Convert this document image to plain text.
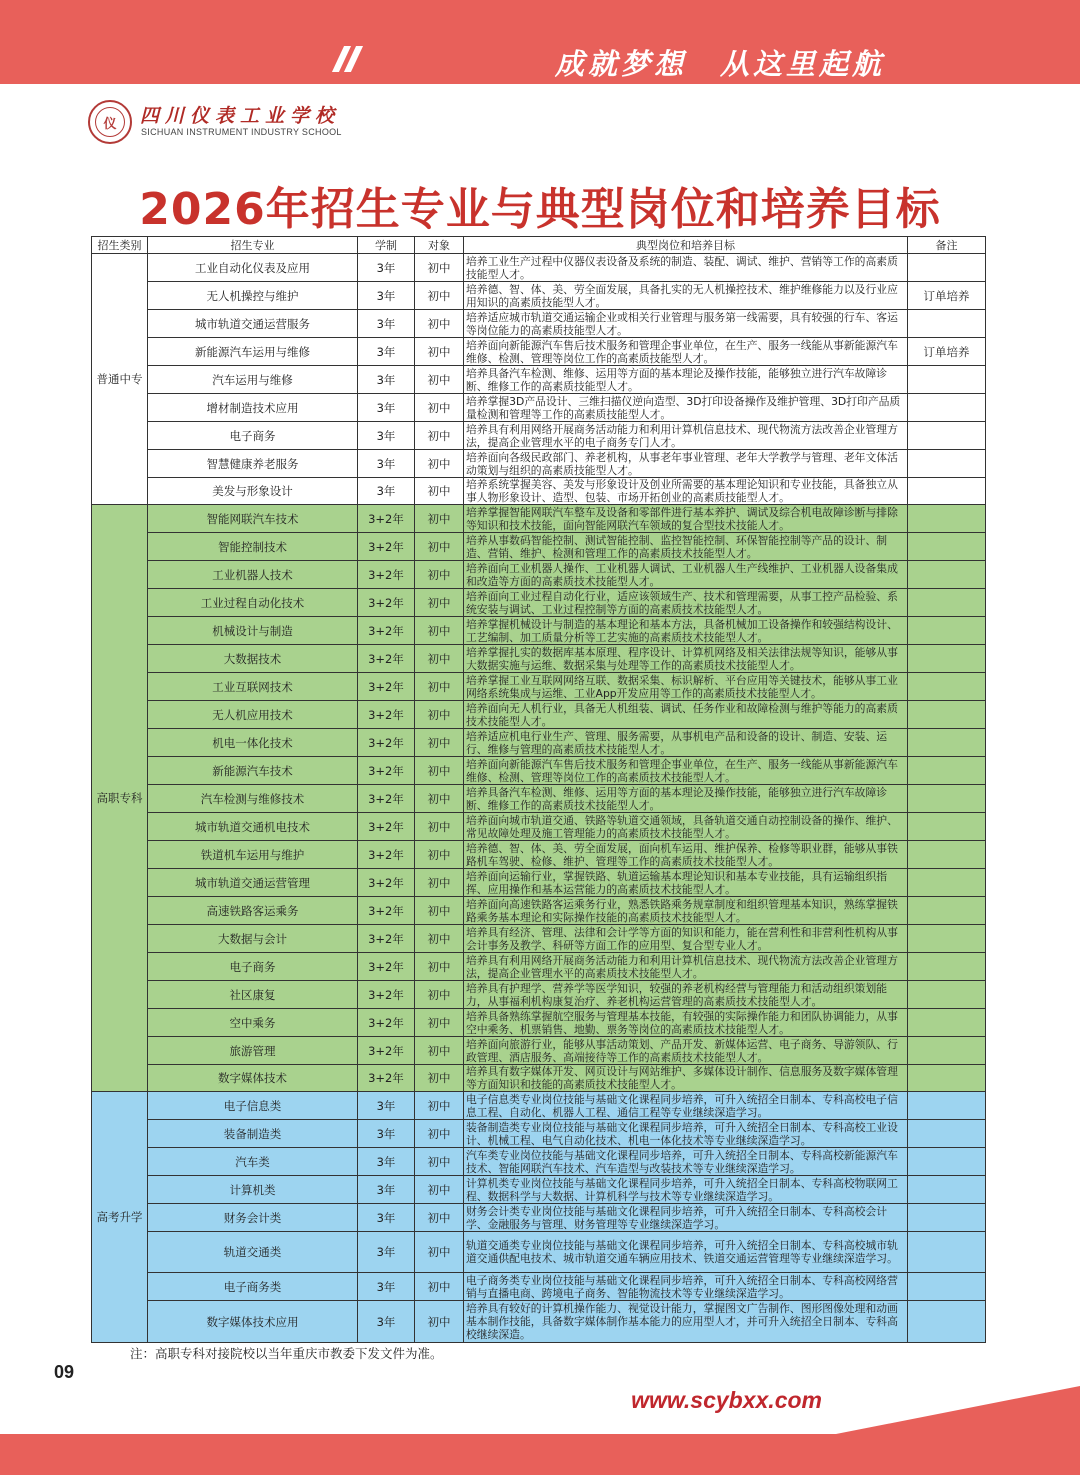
成就梦想　从这里起航
仪	四川仪表工业学校
SICHUAN INSTRUMENT INDUSTRY SCHOOL
2026年招生专业与典型岗位和培养目标
招生类别	招生专业	学制	对象	典型岗位和培养目标	备注
普通中专	工业自动化仪表及应用	3年	初中	培养工业生产过程中仪器仪表设备及系统的制造、装配、调试、维护、营销等工作的高素质技能型人才。	
	无人机操控与维护	3年	初中	培养德、智、体、美、劳全面发展，具备扎实的无人机操控技术、维护维修能力以及行业应用知识的高素质技能型人才。	订单培养
	城市轨道交通运营服务	3年	初中	培养适应城市轨道交通运输企业或相关行业管理与服务第一线需要，具有较强的行车、客运等岗位能力的高素质技能型人才。	
	新能源汽车运用与维修	3年	初中	培养面向新能源汽车售后技术服务和管理企事业单位，在生产、服务一线能从事新能源汽车维修、检测、管理等岗位工作的高素质技能型人才。	订单培养
	汽车运用与维修	3年	初中	培养具备汽车检测、维修、运用等方面的基本理论及操作技能，能够独立进行汽车故障诊断、维修工作的高素质技能型人才。	
	增材制造技术应用	3年	初中	培养掌握3D产品设计、三维扫描仪逆向造型、3D打印设备操作及维护管理、3D打印产品质量检测和管理等工作的高素质技能型人才。	
	电子商务	3年	初中	培养具有利用网络开展商务活动能力和利用计算机信息技术、现代物流方法改善企业管理方法，提高企业管理水平的电子商务专门人才。	
	智慧健康养老服务	3年	初中	培养面向各级民政部门、养老机构，从事老年事业管理、老年大学教学与管理、老年文体活动策划与组织的高素质技能型人才。	
	美发与形象设计	3年	初中	培养系统掌握美容、美发与形象设计及创业所需要的基本理论知识和专业技能，具备独立从事人物形象设计、造型、包装、市场开拓创业的高素质技能型人才。	
高职专科	智能网联汽车技术	3+2年	初中	培养掌握智能网联汽车整车及设备和零部件进行基本养护、调试及综合机电故障诊断与排除等知识和技术技能，面向智能网联汽车领域的复合型技术技能人才。	
	智能控制技术	3+2年	初中	培养从事数码智能控制、测试智能控制、监控智能控制、环保智能控制等产品的设计、制造、营销、维护、检测和管理工作的高素质技术技能型人才。	
	工业机器人技术	3+2年	初中	培养面向工业机器人操作、工业机器人调试、工业机器人生产线维护、工业机器人设备集成和改造等方面的高素质技术技能型人才。	
	工业过程自动化技术	3+2年	初中	培养面向工业过程自动化行业，适应该领域生产、技术和管理需要，从事工控产品检验、系统安装与调试、工业过程控制等方面的高素质技术技能型人才。	
	机械设计与制造	3+2年	初中	培养掌握机械设计与制造的基本理论和基本方法，具备机械加工设备操作和较强结构设计、工艺编制、加工质量分析等工艺实施的高素质技术技能型人才。	
	大数据技术	3+2年	初中	培养掌握扎实的数据库基本原理、程序设计、计算机网络及相关法律法规等知识，能够从事大数据实施与运维、数据采集与处理等工作的高素质技术技能型人才。	
	工业互联网技术	3+2年	初中	培养掌握工业互联网网络互联、数据采集、标识解析、平台应用等关键技术，能够从事工业网络系统集成与运维、工业App开发应用等工作的高素质技术技能型人才。	
	无人机应用技术	3+2年	初中	培养面向无人机行业，具备无人机组装、调试、任务作业和故障检测与维护等能力的高素质技术技能型人才。	
	机电一体化技术	3+2年	初中	培养适应机电行业生产、管理、服务需要，从事机电产品和设备的设计、制造、安装、运行、维修与管理的高素质技术技能型人才。	
	新能源汽车技术	3+2年	初中	培养面向新能源汽车售后技术服务和管理企事业单位，在生产、服务一线能从事新能源汽车维修、检测、管理等岗位工作的高素质技术技能型人才。	
	汽车检测与维修技术	3+2年	初中	培养具备汽车检测、维修、运用等方面的基本理论及操作技能，能够独立进行汽车故障诊断、维修工作的高素质技术技能型人才。	
	城市轨道交通机电技术	3+2年	初中	培养面向城市轨道交通、铁路等轨道交通领域，具备轨道交通自动控制设备的操作、维护、常见故障处理及施工管理能力的高素质技术技能型人才。	
	铁道机车运用与维护	3+2年	初中	培养德、智、体、美、劳全面发展，面向机车运用、维护保养、检修等职业群，能够从事铁路机车驾驶、检修、维护、管理等工作的高素质技术技能型人才。	
	城市轨道交通运营管理	3+2年	初中	培养面向运输行业，掌握铁路、轨道运输基本理论知识和基本专业技能，具有运输组织指挥、应用操作和基本运营能力的高素质技术技能型人才。	
	高速铁路客运乘务	3+2年	初中	培养面向高速铁路客运乘务行业，熟悉铁路乘务规章制度和组织管理基本知识，熟练掌握铁路乘务基本理论和实际操作技能的高素质技术技能型人才。	
	大数据与会计	3+2年	初中	培养具有经济、管理、法律和会计学等方面的知识和能力，能在营利性和非营利性机构从事会计事务及教学、科研等方面工作的应用型、复合型专业人才。	
	电子商务	3+2年	初中	培养具有利用网络开展商务活动能力和利用计算机信息技术、现代物流方法改善企业管理方法，提高企业管理水平的高素质技术技能型人才。	
	社区康复	3+2年	初中	培养具有护理学、营养学等医学知识，较强的养老机构经营与管理能力和活动组织策划能力，从事福利机构康复治疗、养老机构运营管理的高素质技术技能型人才。	
	空中乘务	3+2年	初中	培养具备熟练掌握航空服务与管理基本技能，有较强的实际操作能力和团队协调能力，从事空中乘务、机票销售、地勤、票务等岗位的高素质技术技能型人才。	
	旅游管理	3+2年	初中	培养面向旅游行业，能够从事活动策划、产品开发、新媒体运营、电子商务、导游领队、行政管理、酒店服务、高端接待等工作的高素质技术技能型人才。	
	数字媒体技术	3+2年	初中	培养具有数字媒体开发、网页设计与网站维护、多媒体设计制作、信息服务及数字媒体管理等方面知识和技能的高素质技术技能型人才。	
高考升学	电子信息类	3年	初中	电子信息类专业岗位技能与基础文化课程同步培养，可升入统招全日制本、专科高校电子信息工程、自动化、机器人工程、通信工程等专业继续深造学习。	
	装备制造类	3年	初中	装备制造类专业岗位技能与基础文化课程同步培养，可升入统招全日制本、专科高校工业设计、机械工程、电气自动化技术、机电一体化技术等专业继续深造学习。	
	汽车类	3年	初中	汽车类专业岗位技能与基础文化课程同步培养，可升入统招全日制本、专科高校新能源汽车技术、智能网联汽车技术、汽车造型与改装技术等专业继续深造学习。	
	计算机类	3年	初中	计算机类专业岗位技能与基础文化课程同步培养，可升入统招全日制本、专科高校物联网工程、数据科学与大数据、计算机科学与技术等专业继续深造学习。	
	财务会计类	3年	初中	财务会计类专业岗位技能与基础文化课程同步培养，可升入统招全日制本、专科高校会计学、金融服务与管理、财务管理等专业继续深造学习。	
	轨道交通类	3年	初中	轨道交通类专业岗位技能与基础文化课程同步培养，可升入统招全日制本、专科高校城市轨道交通供配电技术、城市轨道交通车辆应用技术、铁道交通运营管理等专业继续深造学习。	
	电子商务类	3年	初中	电子商务类专业岗位技能与基础文化课程同步培养，可升入统招全日制本、专科高校网络营销与直播电商、跨境电子商务、智能物流技术等专业继续深造学习。	
	数字媒体技术应用	3年	初中	培养具有较好的计算机操作能力、视觉设计能力，掌握图文广告制作、图形图像处理和动画基本制作技能，具备数字媒体制作基本能力的应用型人才，并可升入统招全日制本、专科高校继续深造。	
注：高职专科对接院校以当年重庆市教委下发文件为准。
09
www.scybxx.com
